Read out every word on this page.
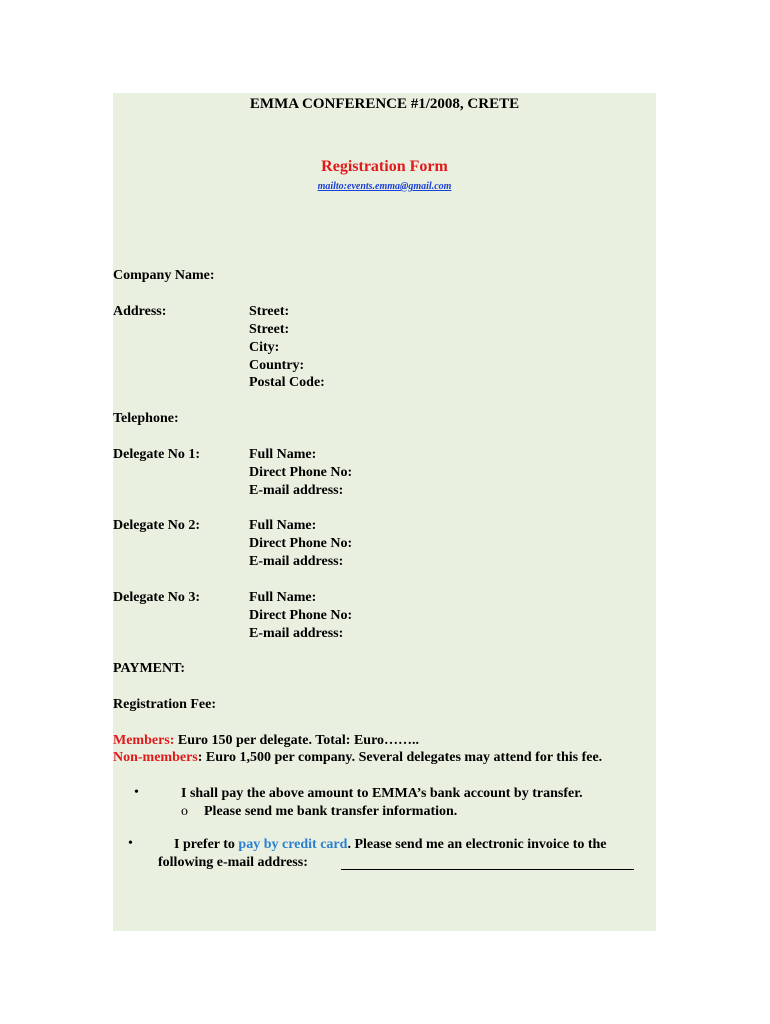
EMMA CONFERENCE #1/2008, CRETE
Registration Form
mailto:events.emma@gmail.com
Company Name:
Address:	Street:
Street:
City:
Country:
Postal Code:
Telephone:
Delegate No 1:	Full Name:
Direct Phone No:
E-mail address:
Delegate No 2:	Full Name:
Direct Phone No:
E-mail address:
Delegate No 3:	Full Name:
Direct Phone No:
E-mail address:
PAYMENT:
Registration Fee:
Members: Euro 150 per delegate. Total: Euro……..
Non-members: Euro 1,500 per company. Several delegates may attend for this fee.
•	I shall pay the above amount to EMMA’s bank account by transfer.
o Please send me bank transfer information.
•	I prefer to pay by credit card. Please send me an electronic invoice to the
following e-mail address:
